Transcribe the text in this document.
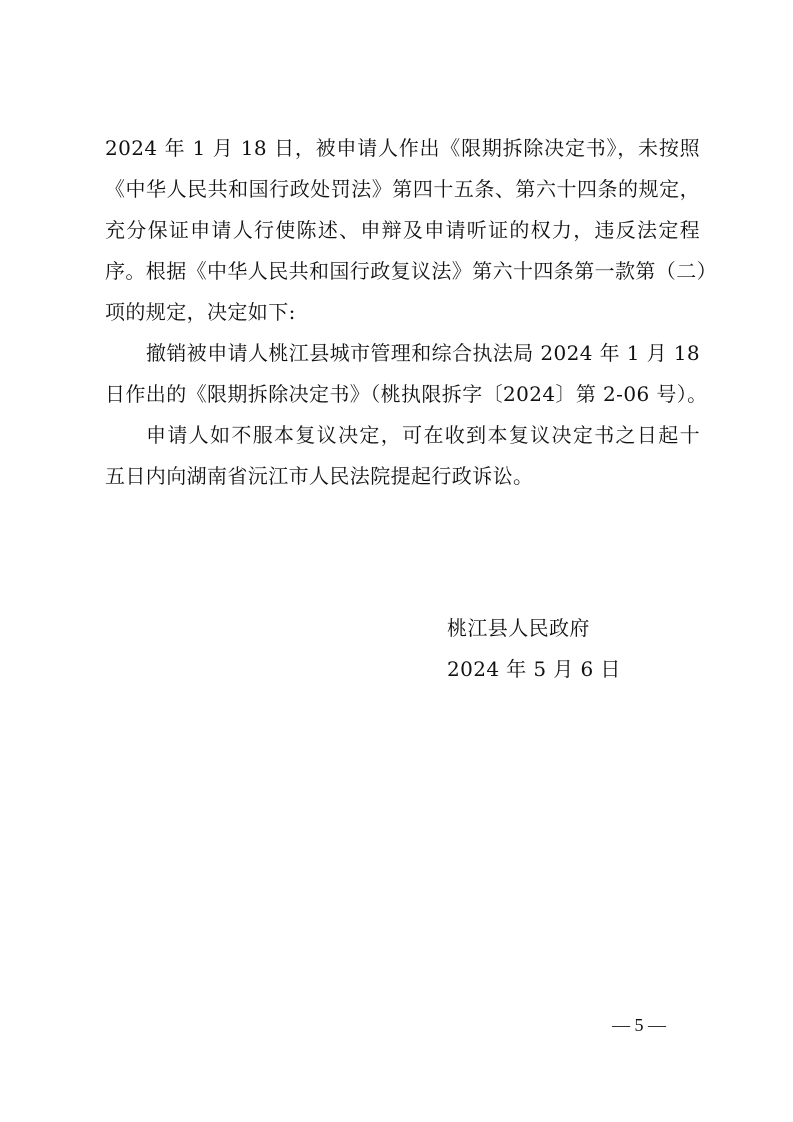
2024 年 1 月 18 日，被申请人作出《限期拆除决定书》，未按照
《中华人民共和国行政处罚法》第四十五条、第六十四条的规定，
充分保证申请人行使陈述、申辩及申请听证的权力，违反法定程
序。根据《中华人民共和国行政复议法》第六十四条第一款第（二）
项的规定，决定如下:
撤销被申请人桃江县城市管理和综合执法局 2024 年 1 月 18
日作出的《限期拆除决定书》（桃执限拆字〔2024〕第 2-06 号）。
申请人如不服本复议决定，可在收到本复议决定书之日起十
五日内向湖南省沅江市人民法院提起行政诉讼。
桃江县人民政府
2024 年 5 月 6 日
— 5 —
